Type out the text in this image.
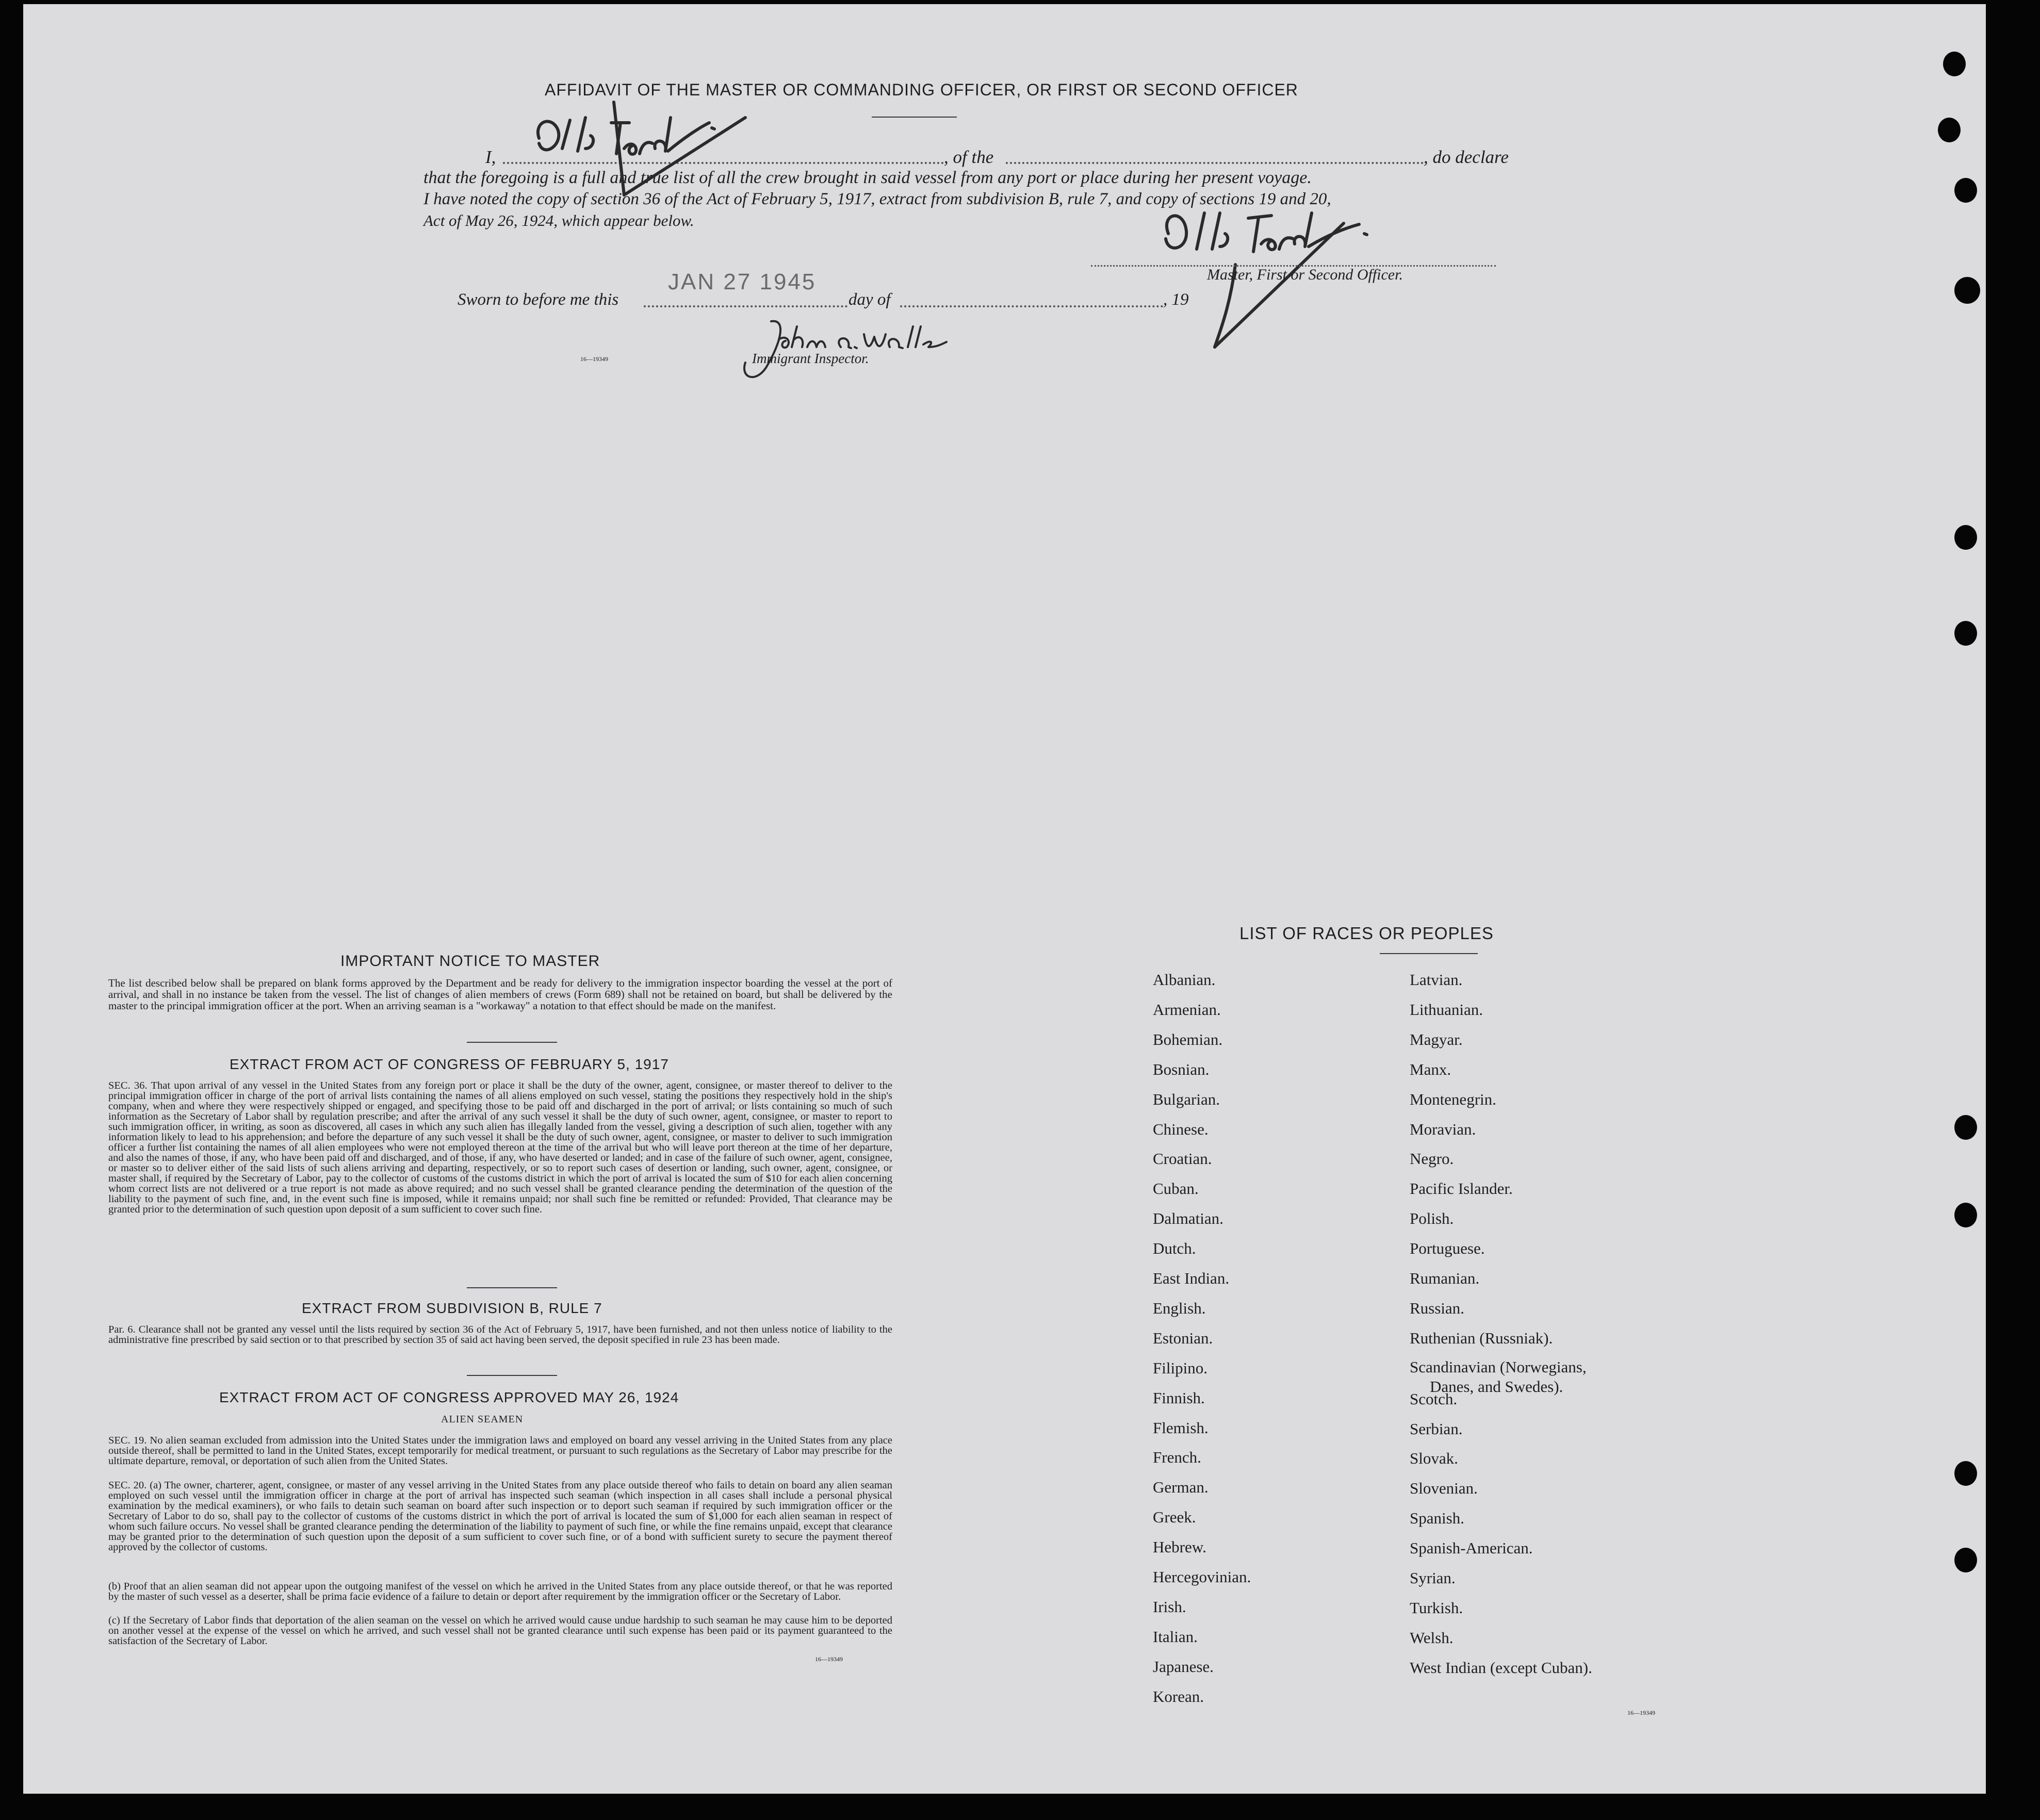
AFFIDAVIT OF THE MASTER OR COMMANDING OFFICER, OR FIRST OR SECOND OFFICER
I,	, of the	, do declare
that the foregoing is a full and true list of all the crew brought in said vessel from any port or place during her present voyage.
I have noted the copy of section 36 of the Act of February 5, 1917, extract from subdivision B, rule 7, and copy of sections 19 and 20,
Act of May 26, 1924, which appear below.
Master, First or Second Officer.
Sworn to before me this
JAN 27 1945
day of	, 19
16—19349	Immigrant Inspector.
IMPORTANT NOTICE TO MASTER
The list described below shall be prepared on blank forms approved by the Department and be ready for delivery to the immigration inspector boarding the vessel at the port of arrival, and shall in no instance be taken from the vessel. The list of changes of alien members of crews (Form 689) shall not be retained on board, but shall be delivered by the master to the principal immigration officer at the port. When an arriving seaman is a "workaway" a notation to that effect should be made on the manifest.
EXTRACT FROM ACT OF CONGRESS OF FEBRUARY 5, 1917
SEC. 36. That upon arrival of any vessel in the United States from any foreign port or place it shall be the duty of the owner, agent, consignee, or master thereof to deliver to the principal immigration officer in charge of the port of arrival lists containing the names of all aliens employed on such vessel, stating the positions they respectively hold in the ship's company, when and where they were respectively shipped or engaged, and specifying those to be paid off and discharged in the port of arrival; or lists containing so much of such information as the Secretary of Labor shall by regulation prescribe; and after the arrival of any such vessel it shall be the duty of such owner, agent, consignee, or master to report to such immigration officer, in writing, as soon as discovered, all cases in which any such alien has illegally landed from the vessel, giving a description of such alien, together with any information likely to lead to his apprehension; and before the departure of any such vessel it shall be the duty of such owner, agent, consignee, or master to deliver to such immigration officer a further list containing the names of all alien employees who were not employed thereon at the time of the arrival but who will leave port thereon at the time of her departure, and also the names of those, if any, who have been paid off and discharged, and of those, if any, who have deserted or landed; and in case of the failure of such owner, agent, consignee, or master so to deliver either of the said lists of such aliens arriving and departing, respectively, or so to report such cases of desertion or landing, such owner, agent, consignee, or master shall, if required by the Secretary of Labor, pay to the collector of customs of the customs district in which the port of arrival is located the sum of $10 for each alien concerning whom correct lists are not delivered or a true report is not made as above required; and no such vessel shall be granted clearance pending the determination of the question of the liability to the payment of such fine, and, in the event such fine is imposed, while it remains unpaid; nor shall such fine be remitted or refunded: Provided, That clearance may be granted prior to the determination of such question upon deposit of a sum sufficient to cover such fine.
EXTRACT FROM SUBDIVISION B, RULE 7
Par. 6. Clearance shall not be granted any vessel until the lists required by section 36 of the Act of February 5, 1917, have been furnished, and not then unless notice of liability to the administrative fine prescribed by said section or to that prescribed by section 35 of said act having been served, the deposit specified in rule 23 has been made.
EXTRACT FROM ACT OF CONGRESS APPROVED MAY 26, 1924
ALIEN SEAMEN
SEC. 19. No alien seaman excluded from admission into the United States under the immigration laws and employed on board any vessel arriving in the United States from any place outside thereof, shall be permitted to land in the United States, except temporarily for medical treatment, or pursuant to such regulations as the Secretary of Labor may prescribe for the ultimate departure, removal, or deportation of such alien from the United States.
SEC. 20. (a) The owner, charterer, agent, consignee, or master of any vessel arriving in the United States from any place outside thereof who fails to detain on board any alien seaman employed on such vessel until the immigration officer in charge at the port of arrival has inspected such seaman (which inspection in all cases shall include a personal physical examination by the medical examiners), or who fails to detain such seaman on board after such inspection or to deport such seaman if required by such immigration officer or the Secretary of Labor to do so, shall pay to the collector of customs of the customs district in which the port of arrival is located the sum of $1,000 for each alien seaman in respect of whom such failure occurs. No vessel shall be granted clearance pending the determination of the liability to payment of such fine, or while the fine remains unpaid, except that clearance may be granted prior to the determination of such question upon the deposit of a sum sufficient to cover such fine, or of a bond with sufficient surety to secure the payment thereof approved by the collector of customs.
(b) Proof that an alien seaman did not appear upon the outgoing manifest of the vessel on which he arrived in the United States from any place outside thereof, or that he was reported by the master of such vessel as a deserter, shall be prima facie evidence of a failure to detain or deport after requirement by the immigration officer or the Secretary of Labor.
(c) If the Secretary of Labor finds that deportation of the alien seaman on the vessel on which he arrived would cause undue hardship to such seaman he may cause him to be deported on another vessel at the expense of the vessel on which he arrived, and such vessel shall not be granted clearance until such expense has been paid or its payment guaranteed to the satisfaction of the Secretary of Labor.
16—19349
LIST OF RACES OR PEOPLES
Albanian.
Armenian.
Bohemian.
Bosnian.
Bulgarian.
Chinese.
Croatian.
Cuban.
Dalmatian.
Dutch.
East Indian.
English.
Estonian.
Filipino.
Finnish.
Flemish.
French.
German.
Greek.
Hebrew.
Hercegovinian.
Irish.
Italian.
Japanese.
Korean.
Latvian.
Lithuanian.
Magyar.
Manx.
Montenegrin.
Moravian.
Negro.
Pacific Islander.
Polish.
Portuguese.
Rumanian.
Russian.
Ruthenian (Russniak).
Scandinavian (Norwegians,
Danes, and Swedes).
Scotch.
Serbian.
Slovak.
Slovenian.
Spanish.
Spanish-American.
Syrian.
Turkish.
Welsh.
West Indian (except Cuban).
16—19349
